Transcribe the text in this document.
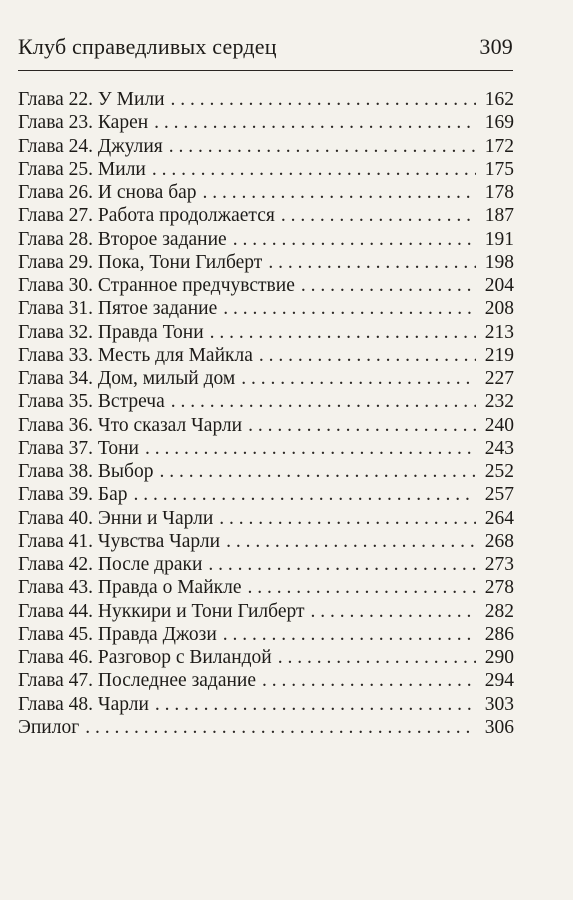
Клуб справедливых сердец	309
Глава 22. У Мили . . .	162
Глава 23. Карен . . .	169
Глава 24. Джулия . . .	172
Глава 25. Мили . . .	175
Глава 26. И снова бар . . .	178
Глава 27. Работа продолжается . . .	187
Глава 28. Второе задание . . .	191
Глава 29. Пока, Тони Гилберт . . .	198
Глава 30. Странное предчувствие . . .	204
Глава 31. Пятое задание . . .	208
Глава 32. Правда Тони . . .	213
Глава 33. Месть для Майкла . . .	219
Глава 34. Дом, милый дом . . .	227
Глава 35. Встреча . . .	232
Глава 36. Что сказал Чарли . . .	240
Глава 37. Тони . . .	243
Глава 38. Выбор . . .	252
Глава 39. Бар . . .	257
Глава 40. Энни и Чарли . . .	264
Глава 41. Чувства Чарли . . .	268
Глава 42. После драки . . .	273
Глава 43. Правда о Майкле . . .	278
Глава 44. Нуккири и Тони Гилберт . . .	282
Глава 45. Правда Джози . . .	286
Глава 46. Разговор с Виландой . . .	290
Глава 47. Последнее задание . . .	294
Глава 48. Чарли . . .	303
Эпилог . . .	306
